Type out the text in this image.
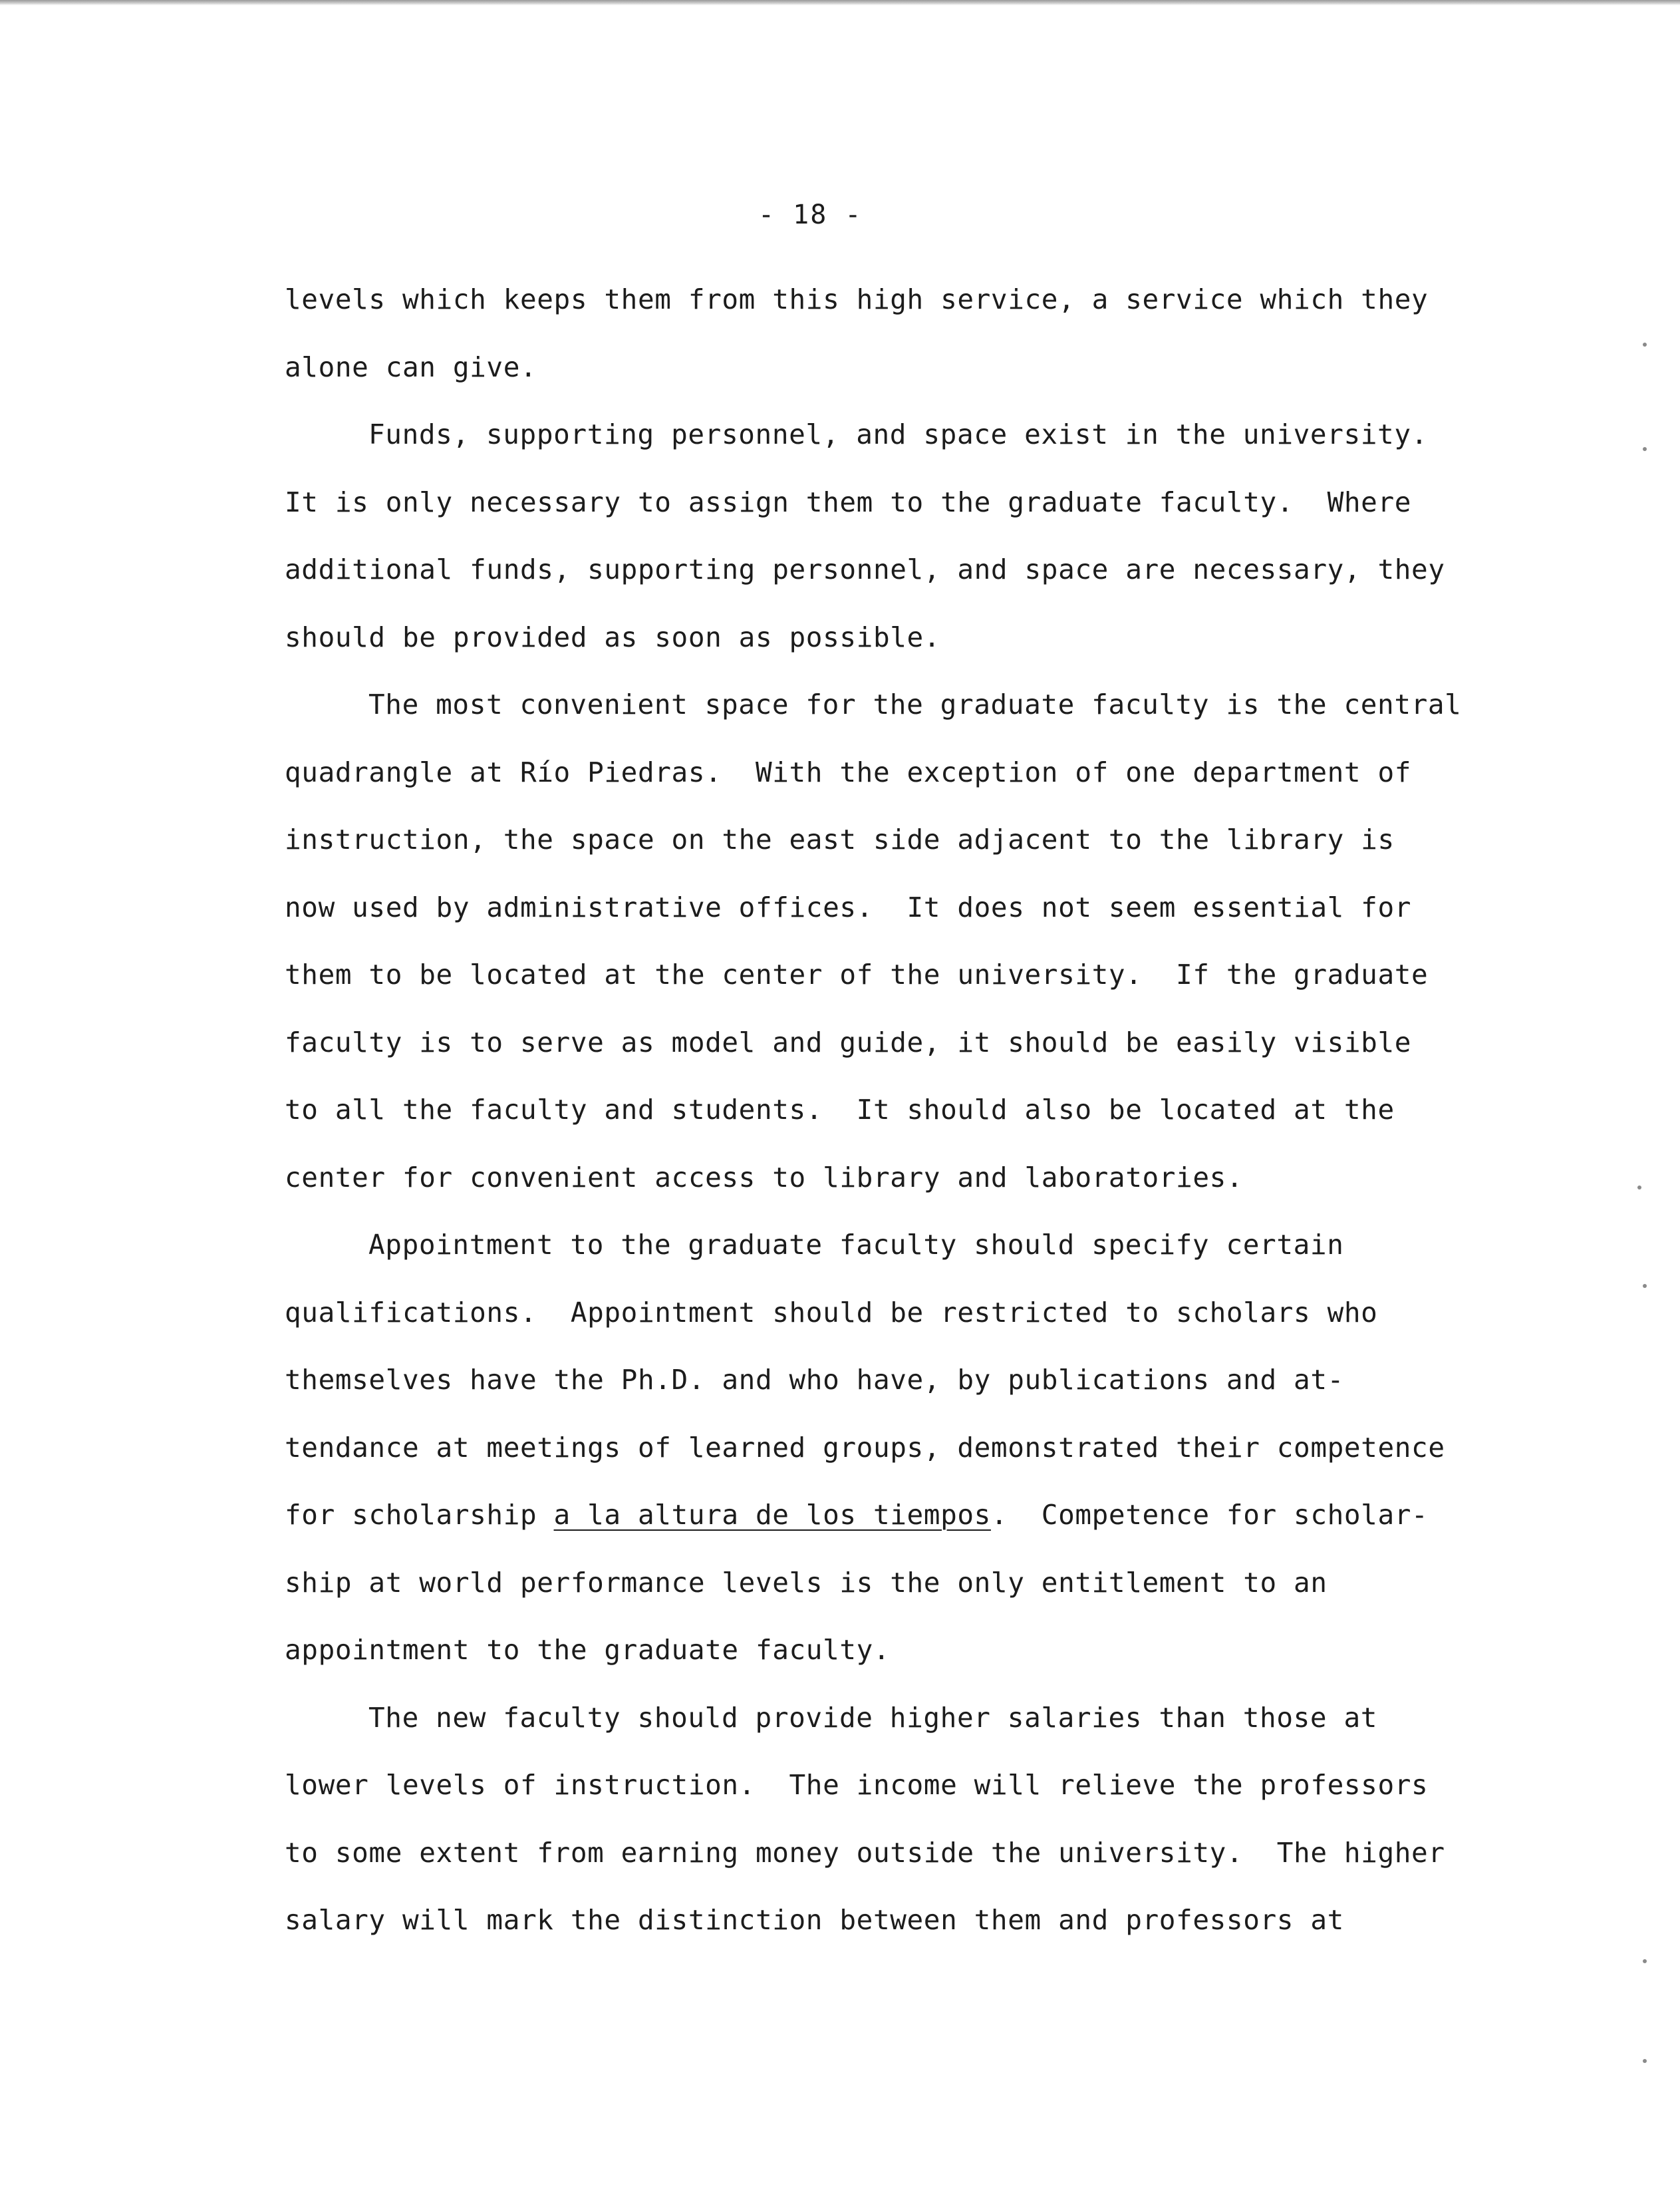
- 18 -
levels which keeps them from this high service, a service which they
alone can give.
Funds, supporting personnel, and space exist in the university.
It is only necessary to assign them to the graduate faculty.  Where
additional funds, supporting personnel, and space are necessary, they
should be provided as soon as possible.
The most convenient space for the graduate faculty is the central
quadrangle at Río Piedras.  With the exception of one department of
instruction, the space on the east side adjacent to the library is
now used by administrative offices.  It does not seem essential for
them to be located at the center of the university.  If the graduate
faculty is to serve as model and guide, it should be easily visible
to all the faculty and students.  It should also be located at the
center for convenient access to library and laboratories.
Appointment to the graduate faculty should specify certain
qualifications.  Appointment should be restricted to scholars who
themselves have the Ph.D. and who have, by publications and at-
tendance at meetings of learned groups, demonstrated their competence
for scholarship a la altura de los tiempos.  Competence for scholar-
ship at world performance levels is the only entitlement to an
appointment to the graduate faculty.
The new faculty should provide higher salaries than those at
lower levels of instruction.  The income will relieve the professors
to some extent from earning money outside the university.  The higher
salary will mark the distinction between them and professors at
